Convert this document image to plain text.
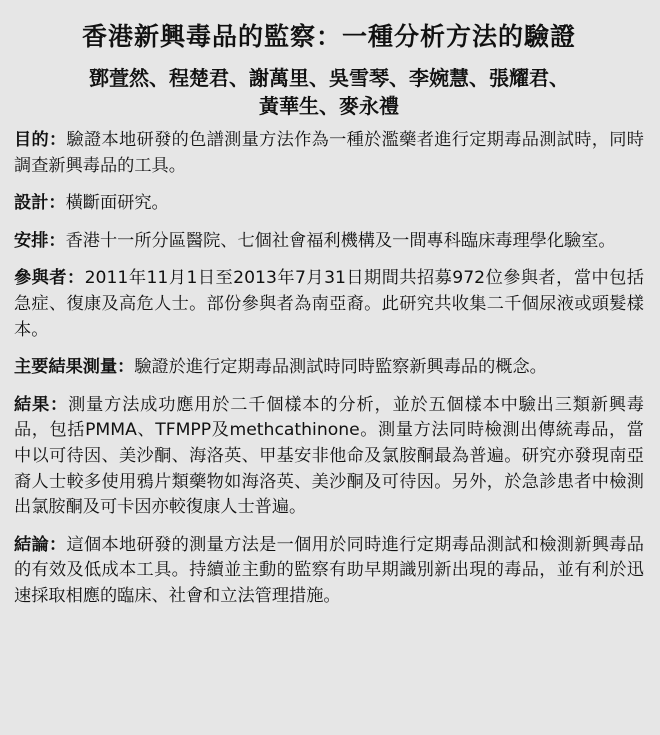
香港新興毒品的監察：一種分析方法的驗證
鄧萱然、程楚君、謝萬里、吳雪琴、李婉慧、張耀君、
黃華生、麥永禮
目的：驗證本地研發的色譜測量方法作為一種於濫藥者進行定期毒品測試時，同時調查新興毒品的工具。
設計：橫斷面研究。
安排：香港十一所分區醫院、七個社會福利機構及一間專科臨床毒理學化驗室。
參與者：2011年11月1日至2013年7月31日期間共招募972位參與者，當中包括急症、復康及高危人士。部份參與者為南亞裔。此研究共收集二千個尿液或頭髮樣本。
主要結果測量：驗證於進行定期毒品測試時同時監察新興毒品的概念。
結果：測量方法成功應用於二千個樣本的分析，並於五個樣本中驗出三類新興毒品，包括PMMA、TFMPP及methcathinone。測量方法同時檢測出傳統毒品，當中以可待因、美沙酮、海洛英、甲基安非他命及氯胺酮最為普遍。研究亦發現南亞裔人士較多使用鴉片類藥物如海洛英、美沙酮及可待因。另外，於急診患者中檢測出氯胺酮及可卡因亦較復康人士普遍。
結論：這個本地研發的測量方法是一個用於同時進行定期毒品測試和檢測新興毒品的有效及低成本工具。持續並主動的監察有助早期識別新出現的毒品，並有利於迅速採取相應的臨床、社會和立法管理措施。
